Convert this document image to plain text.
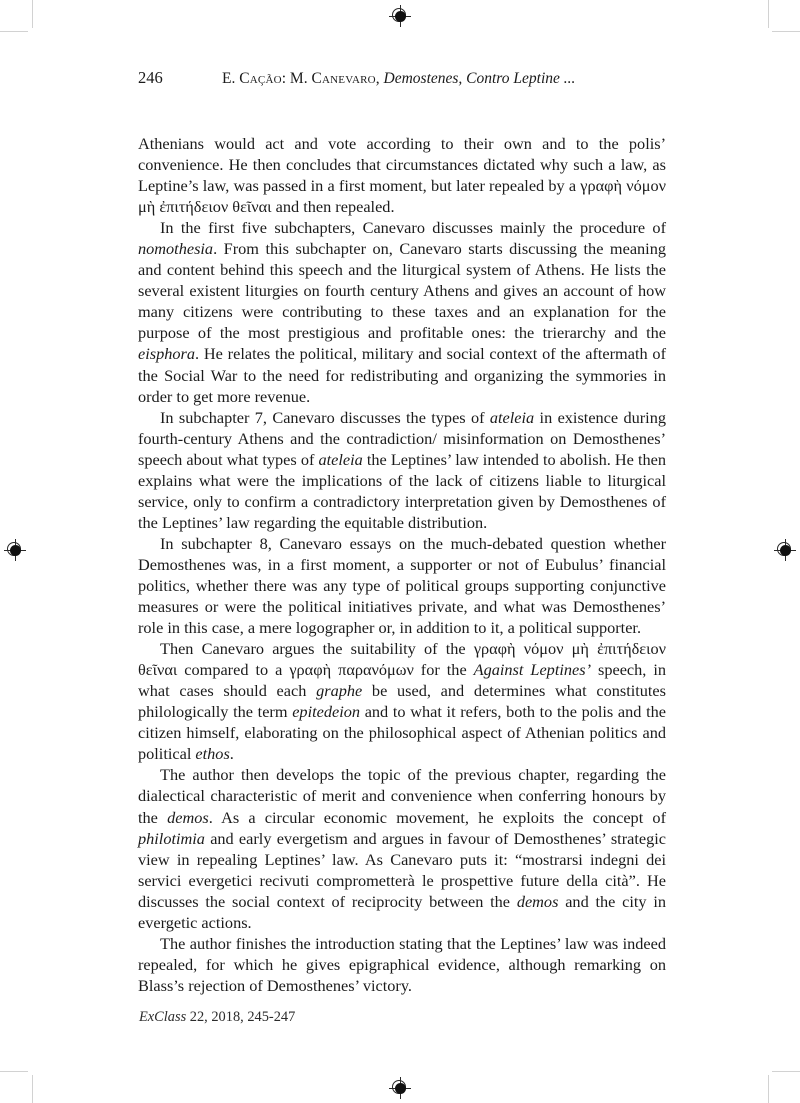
246	E. Cação: M. Canevaro, Demostenes, Contro Leptine ...

Athenians would act and vote according to their own and to the polis’ convenience. He then concludes that circumstances dictated why such a law, as Leptine’s law, was passed in a first moment, but later repealed by a γραφὴ νόμον μὴ ἐπιτήδειον θεῖναι and then repealed.

In the first five subchapters, Canevaro discusses mainly the procedure of nomothesia. From this subchapter on, Canevaro starts discussing the meaning and content behind this speech and the liturgical system of Athens. He lists the several existent liturgies on fourth century Athens and gives an account of how many citizens were contributing to these taxes and an explanation for the purpose of the most prestigious and profitable ones: the trierarchy and the eisphora. He relates the political, military and social context of the aftermath of the Social War to the need for redistributing and organizing the symmories in order to get more revenue.

In subchapter 7, Canevaro discusses the types of ateleia in existence during fourth-century Athens and the contradiction/ misinformation on Demosthenes’ speech about what types of ateleia the Leptines’ law intended to abolish. He then explains what were the implications of the lack of citizens liable to liturgical service, only to confirm a contradictory interpretation given by Demosthenes of the Leptines’ law regarding the equitable distribution.

In subchapter 8, Canevaro essays on the much-debated question whether Demosthenes was, in a first moment, a supporter or not of Eubulus’ financial politics, whether there was any type of political groups supporting conjunctive measures or were the political initiatives private, and what was Demosthenes’ role in this case, a mere logographer or, in addition to it, a political supporter.

Then Canevaro argues the suitability of the γραφὴ νόμον μὴ ἐπιτήδειον θεῖναι compared to a γραφὴ παρανόμων for the Against Leptines’ speech, in what cases should each graphe be used, and determines what constitutes philologically the term epitedeion and to what it refers, both to the polis and the citizen himself, elaborating on the philosophical aspect of Athenian politics and political ethos.

The author then develops the topic of the previous chapter, regarding the dialectical characteristic of merit and convenience when conferring honours by the demos. As a circular economic movement, he exploits the concept of philotimia and early evergetism and argues in favour of Demosthenes’ strategic view in repealing Leptines’ law. As Canevaro puts it: “mostrarsi indegni dei servici evergetici recivuti comprometterà le prospettive future della cità”. He discusses the social context of reciprocity between the demos and the city in evergetic actions.

The author finishes the introduction stating that the Leptines’ law was indeed repealed, for which he gives epigraphical evidence, although remarking on Blass’s rejection of Demosthenes’ victory.

ExClass 22, 2018, 245-247
